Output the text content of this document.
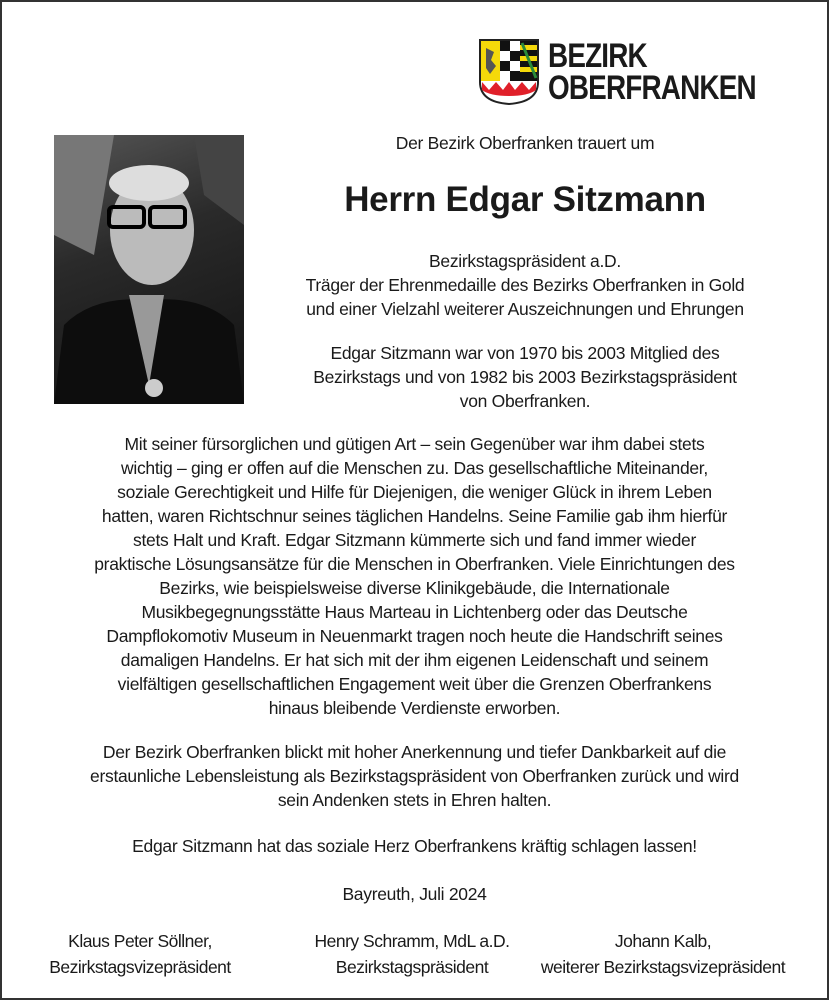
BEZIRK
OBERFRANKEN
Der Bezirk Oberfranken trauert um
Herrn Edgar Sitzmann
Bezirkstagspräsident a.D.
Träger der Ehrenmedaille des Bezirks Oberfranken in Gold
und einer Vielzahl weiterer Auszeichnungen und Ehrungen
Edgar Sitzmann war von 1970 bis 2003 Mitglied des
Bezirkstags und von 1982 bis 2003 Bezirkstagspräsident
von Oberfranken.
Mit seiner fürsorglichen und gütigen Art – sein Gegenüber war ihm dabei stets
wichtig – ging er offen auf die Menschen zu. Das gesellschaftliche Miteinander,
soziale Gerechtigkeit und Hilfe für Diejenigen, die weniger Glück in ihrem Leben
hatten, waren Richtschnur seines täglichen Handelns. Seine Familie gab ihm hierfür
stets Halt und Kraft. Edgar Sitzmann kümmerte sich und fand immer wieder
praktische Lösungsansätze für die Menschen in Oberfranken. Viele Einrichtungen des
Bezirks, wie beispielsweise diverse Klinikgebäude, die Internationale
Musikbegegnungsstätte Haus Marteau in Lichtenberg oder das Deutsche
Dampflokomotiv Museum in Neuenmarkt tragen noch heute die Handschrift seines
damaligen Handelns. Er hat sich mit der ihm eigenen Leidenschaft und seinem
vielfältigen gesellschaftlichen Engagement weit über die Grenzen Oberfrankens
hinaus bleibende Verdienste erworben.
Der Bezirk Oberfranken blickt mit hoher Anerkennung und tiefer Dankbarkeit auf die
erstaunliche Lebensleistung als Bezirkstagspräsident von Oberfranken zurück und wird
sein Andenken stets in Ehren halten.
Edgar Sitzmann hat das soziale Herz Oberfrankens kräftig schlagen lassen!
Bayreuth, Juli 2024
Klaus Peter Söllner,
Bezirkstagsvizepräsident
Henry Schramm, MdL a.D.
Bezirkstagspräsident
Johann Kalb,
weiterer Bezirkstagsvizepräsident
